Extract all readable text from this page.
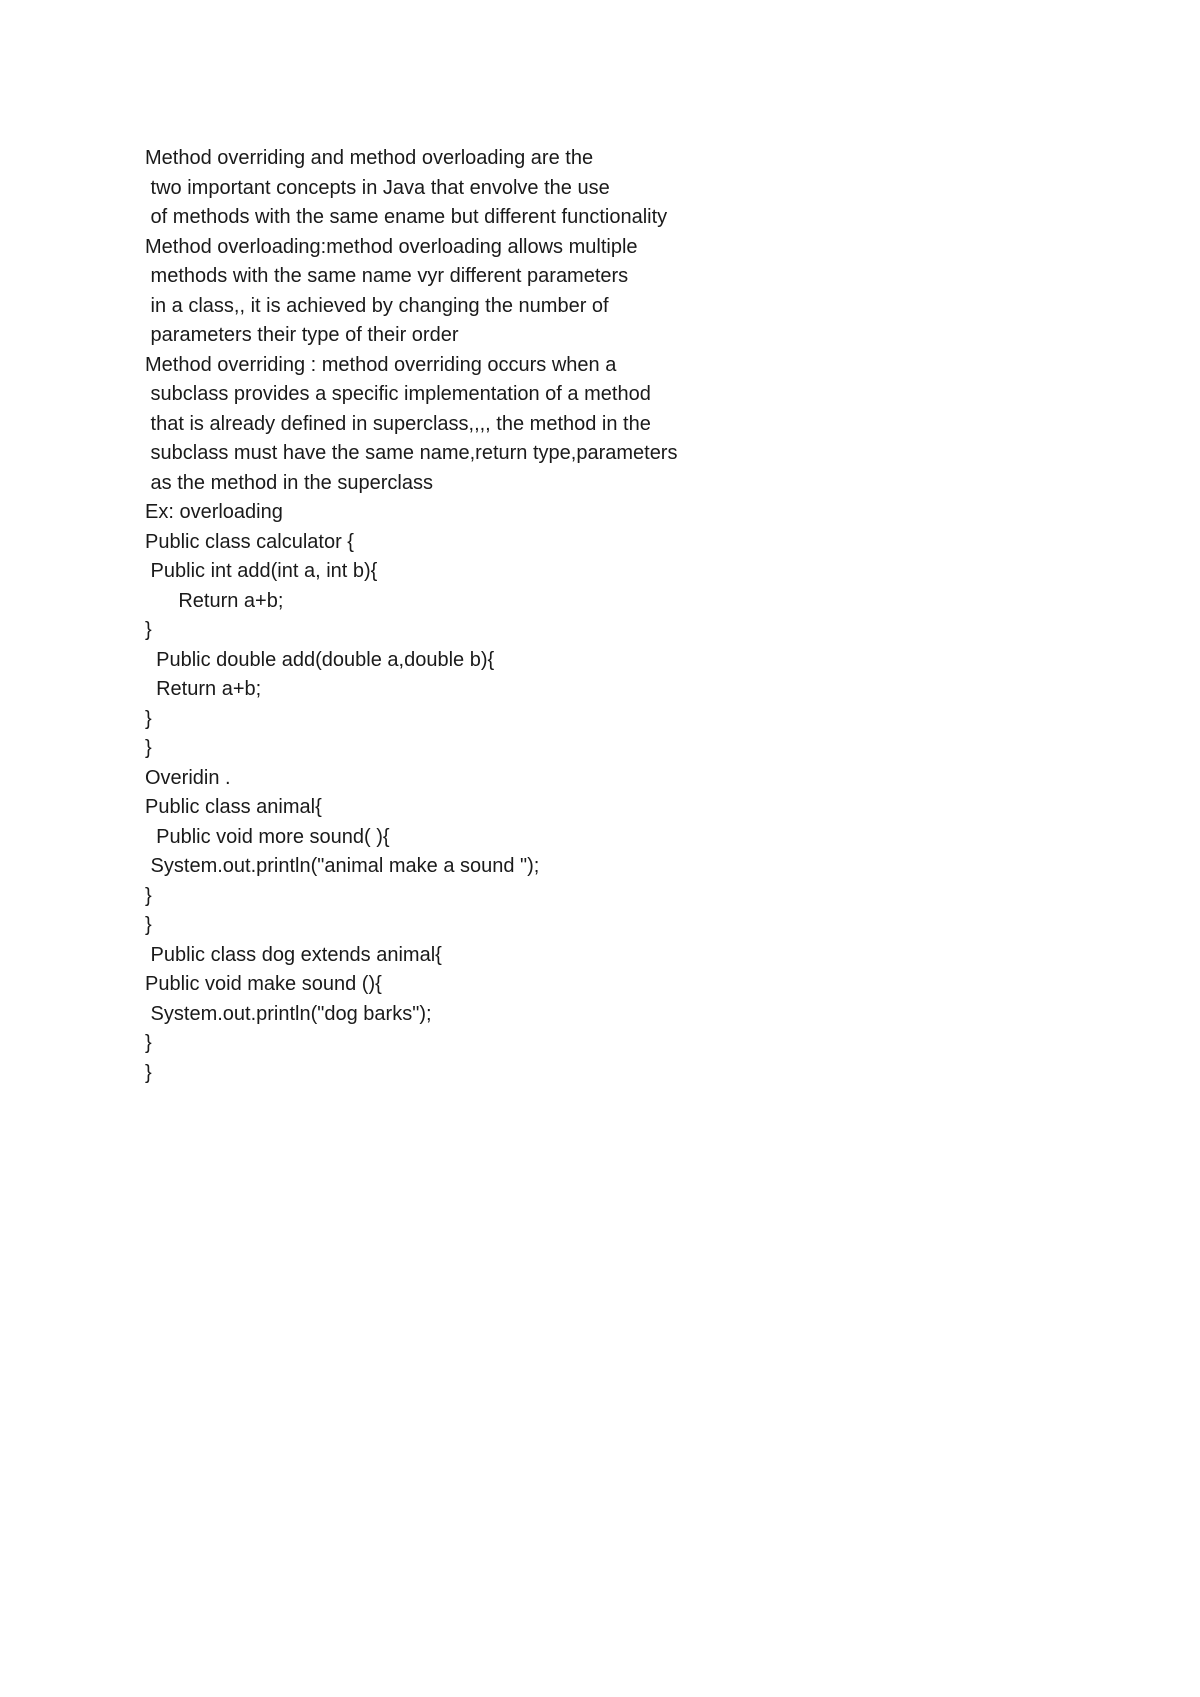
Method overriding and method overloading are the
two important concepts in Java that envolve the use
of methods with the same ename but different functionality
Method overloading:method overloading allows multiple
methods with the same name vyr different parameters
in a class,, it is achieved by changing the number of
parameters their type of their order
Method overriding : method overriding occurs when a
subclass provides a specific implementation of a method
that is already defined in superclass,,,, the method in the
subclass must have the same name,return type,parameters
as the method in the superclass
Ex: overloading
Public class calculator {
Public int add(int a, int b){
Return a+b;
}
Public double add(double a,double b){
Return a+b;
}
}
Overidin .
Public class animal{
Public void more sound( ){
System.out.println("animal make a sound ");
}
}
Public class dog extends animal{
Public void make sound (){
System.out.println("dog barks");
}
}
